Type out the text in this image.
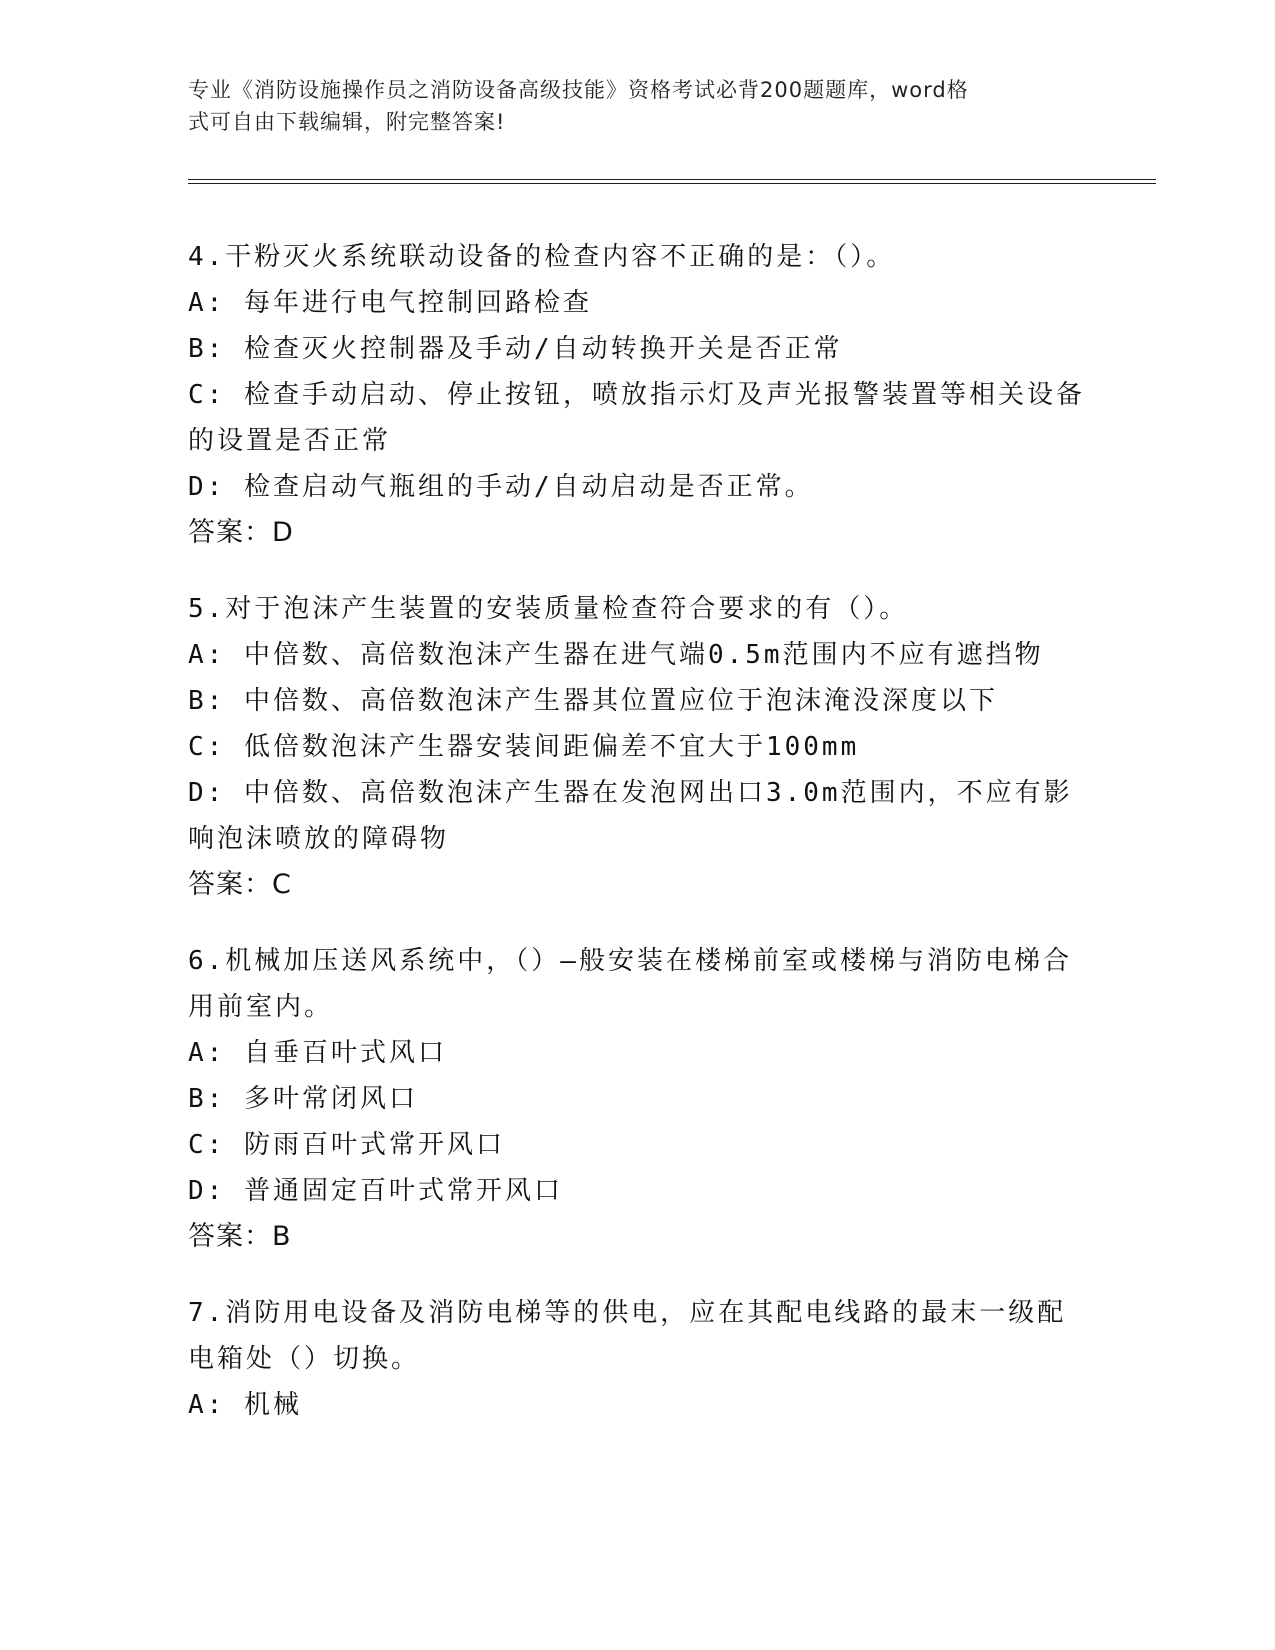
专业《消防设施操作员之消防设备高级技能》资格考试必背200题题库，word格
式可自由下载编辑，附完整答案!
4.干粉灭火系统联动设备的检查内容不正确的是：（）。
A: 每年进行电气控制回路检查
B: 检查灭火控制器及手动/自动转换开关是否正常
C: 检查手动启动、停止按钮，喷放指示灯及声光报警装置等相关设备的设置是否正常
D: 检查启动气瓶组的手动/自动启动是否正常。
答案：D
5.对于泡沫产生装置的安装质量检查符合要求的有（）。
A: 中倍数、高倍数泡沫产生器在进气端0.5m范围内不应有遮挡物
B: 中倍数、高倍数泡沫产生器其位置应位于泡沫淹没深度以下
C: 低倍数泡沫产生器安装间距偏差不宜大于100mm
D: 中倍数、高倍数泡沫产生器在发泡网出口3.0m范围内，不应有影响泡沫喷放的障碍物
答案：C
6.机械加压送风系统中，（）—般安装在楼梯前室或楼梯与消防电梯合用前室内。
A: 自垂百叶式风口
B: 多叶常闭风口
C: 防雨百叶式常开风口
D: 普通固定百叶式常开风口
答案：B
7.消防用电设备及消防电梯等的供电，应在其配电线路的最末一级配电箱处（）切换。
A: 机械
